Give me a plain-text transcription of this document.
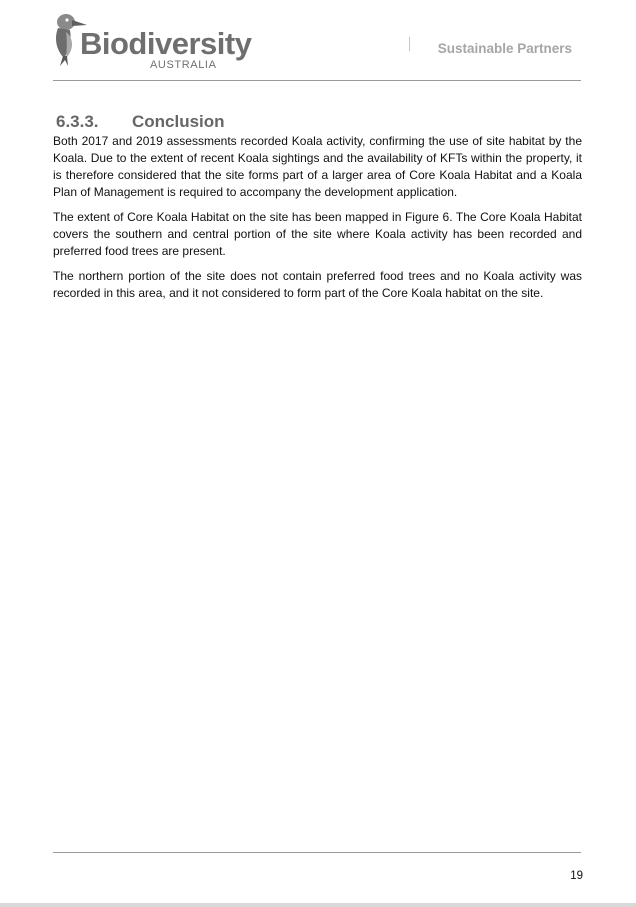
Biodiversity
AUSTRALIA
Sustainable Partners
6.3.3. Conclusion

Both 2017 and 2019 assessments recorded Koala activity, confirming the use of site habitat by the Koala. Due to the extent of recent Koala sightings and the availability of KFTs within the property, it is therefore considered that the site forms part of a larger area of Core Koala Habitat and a Koala Plan of Management is required to accompany the development application.

The extent of Core Koala Habitat on the site has been mapped in Figure 6. The Core Koala Habitat covers the southern and central portion of the site where Koala activity has been recorded and preferred food trees are present.

The northern portion of the site does not contain preferred food trees and no Koala activity was recorded in this area, and it not considered to form part of the Core Koala habitat on the site.

19
